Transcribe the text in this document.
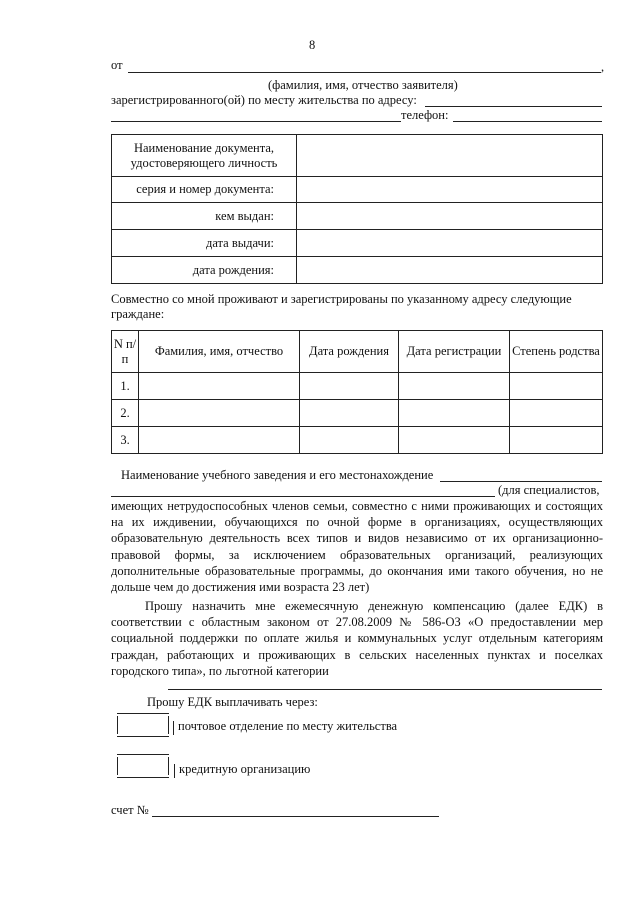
8
от	,
(фамилия, имя, отчество заявителя)
зарегистрированного(ой) по месту жительства по адресу:
телефон:
Наименование документа, удостоверяющего личность	
серия и номер документа:	
кем выдан:	
дата выдачи:	
дата рождения:	
Совместно со мной проживают и зарегистрированы по указанному адресу следующие
граждане:
N п/п	Фамилия, имя, отчество	Дата рождения	Дата регистрации	Степень родства
1.				
2.				
3.				
Наименование учебного заведения и его местонахождение
(для специалистов,
имеющих нетрудоспособных членов семьи, совместно с ними проживающих и состоящих на их иждивении, обучающихся по очной форме в организациях, осуществляющих образовательную деятельность всех типов и видов независимо от их организационно-правовой формы, за исключением образовательных организаций, реализующих дополнительные образовательные программы, до окончания ими такого обучения, но не дольше чем до достижения ими возраста 23 лет)
Прошу назначить мне ежемесячную денежную компенсацию (далее ЕДК) в соответствии с областным законом от 27.08.2009 № 586-ОЗ «О предоставлении мер социальной поддержки по оплате жилья и коммунальных услуг отдельным категориям граждан, работающих и проживающих в сельских населенных пунктах и поселках городского типа», по льготной категории
Прошу ЕДК выплачивать через:
почтовое отделение по месту жительства
кредитную организацию
счет №
